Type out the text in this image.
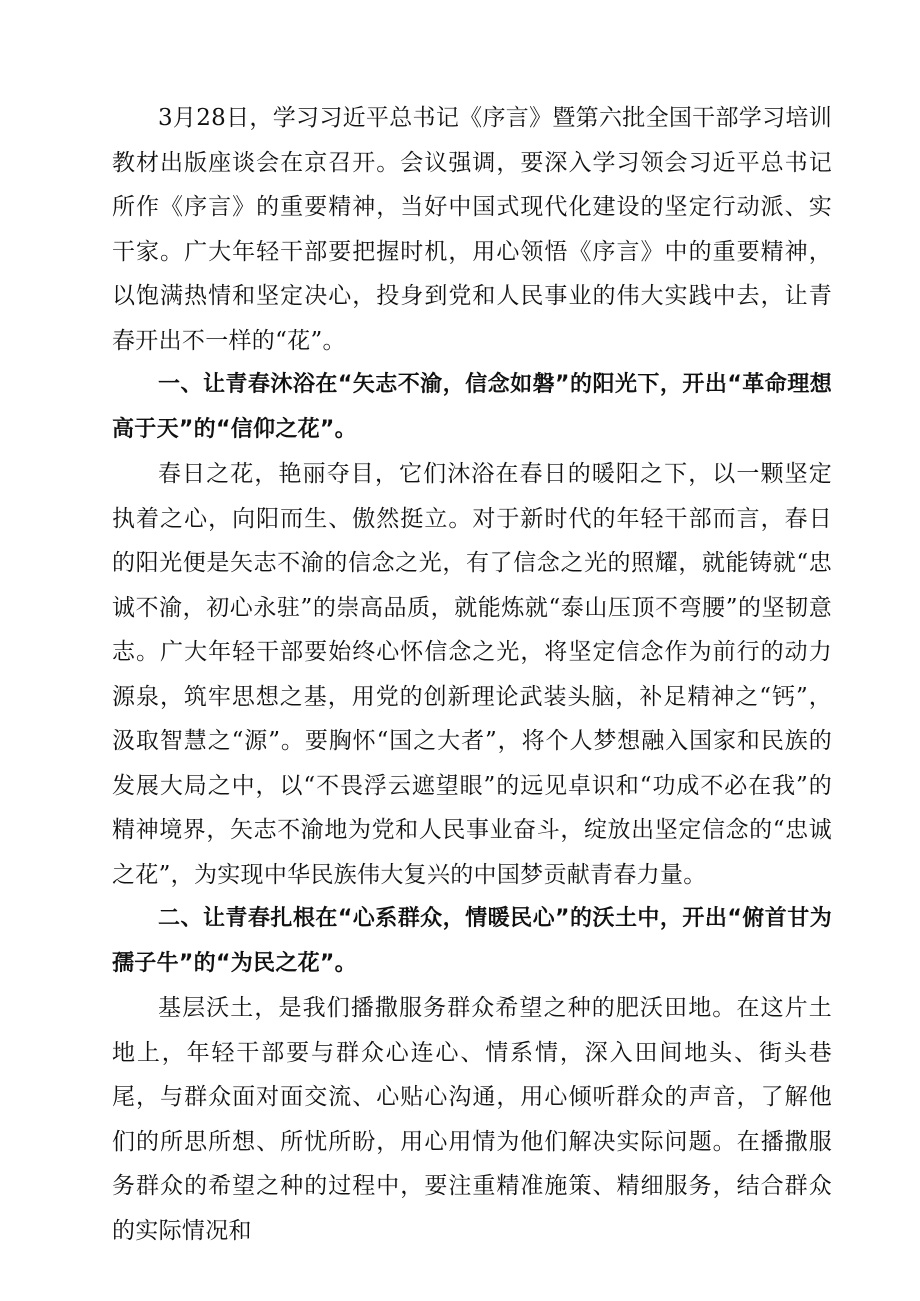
3月28日，学习习近平总书记《序言》暨第六批全国干部学习培训教材出版座谈会在京召开。会议强调，要深入学习领会习近平总书记所作《序言》的重要精神，当好中国式现代化建设的坚定行动派、实干家。广大年轻干部要把握时机，用心领悟《序言》中的重要精神，以饱满热情和坚定决心，投身到党和人民事业的伟大实践中去，让青春开出不一样的“花”。

一、让青春沐浴在“矢志不渝，信念如磐”的阳光下，开出“革命理想高于天”的“信仰之花”。

春日之花，艳丽夺目，它们沐浴在春日的暖阳之下，以一颗坚定执着之心，向阳而生、傲然挺立。对于新时代的年轻干部而言，春日的阳光便是矢志不渝的信念之光，有了信念之光的照耀，就能铸就“忠诚不渝，初心永驻”的崇高品质，就能炼就“泰山压顶不弯腰”的坚韧意志。广大年轻干部要始终心怀信念之光，将坚定信念作为前行的动力源泉，筑牢思想之基，用党的创新理论武装头脑，补足精神之“钙”，汲取智慧之“源”。要胸怀“国之大者”，将个人梦想融入国家和民族的发展大局之中，以“不畏浮云遮望眼”的远见卓识和“功成不必在我”的精神境界，矢志不渝地为党和人民事业奋斗，绽放出坚定信念的“忠诚之花”，为实现中华民族伟大复兴的中国梦贡献青春力量。

二、让青春扎根在“心系群众，情暖民心”的沃土中，开出“俯首甘为孺子牛”的“为民之花”。

基层沃土，是我们播撒服务群众希望之种的肥沃田地。在这片土地上，年轻干部要与群众心连心、情系情，深入田间地头、街头巷尾，与群众面对面交流、心贴心沟通，用心倾听群众的声音，了解他们的所思所想、所忧所盼，用心用情为他们解决实际问题。在播撒服务群众的希望之种的过程中，要注重精准施策、精细服务，结合群众的实际情况和
